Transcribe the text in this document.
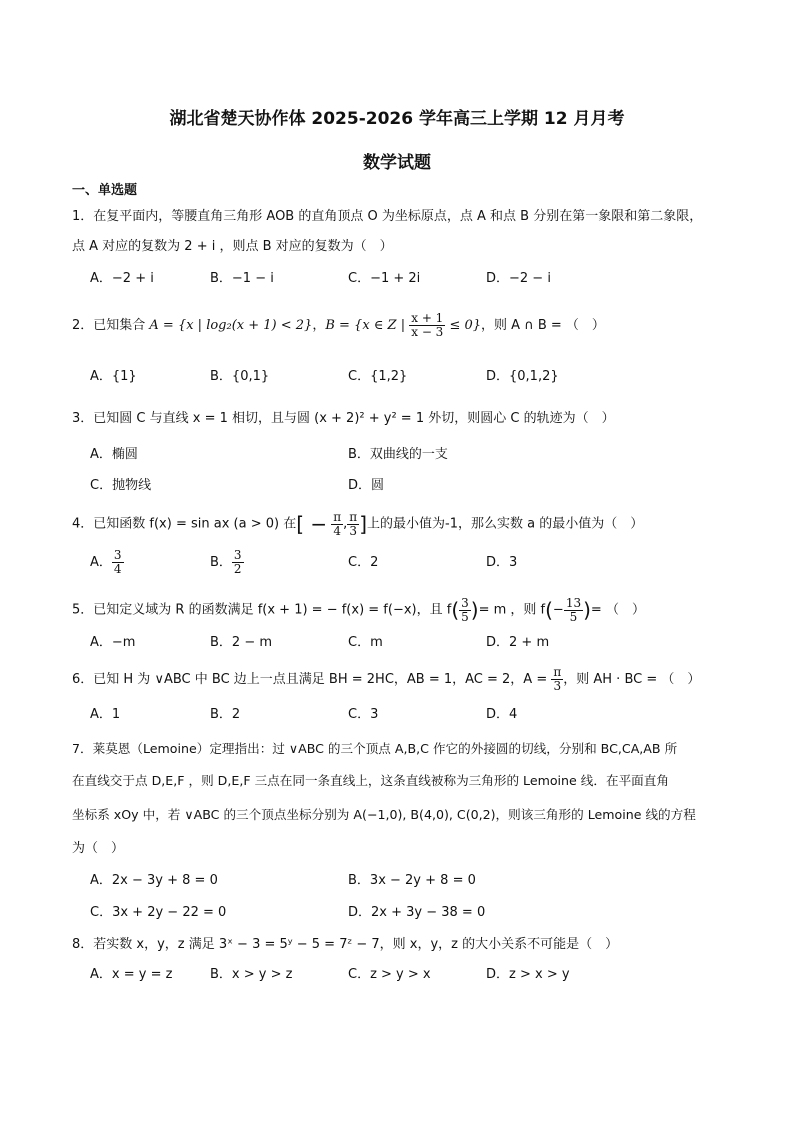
湖北省楚天协作体 2025-2026 学年高三上学期 12 月月考
数学试题
一、单选题
1．在复平面内，等腰直角三角形 AOB 的直角顶点 O 为坐标原点，点 A 和点 B 分别在第一象限和第二象限，
点 A 对应的复数为 2 + i ，则点 B 对应的复数为（　）
A．−2 + i	B．−1 − i	C．−1 + 2i	D．−2 − i
2．已知集合 A = {x | log₂(x + 1) < 2}，B = {x ∈ Z | $\frac{x + 1}{x - 3} \le 0$}，则 A ∩ B = （　）
A．{1}	B．{0,1}	C．{1,2}	D．{0,1,2}
3．已知圆 C 与直线 x = 1 相切，且与圆 (x + 2)² + y² = 1 外切，则圆心 C 的轨迹为（　）
A．椭圆	B．双曲线的一支
C．抛物线	D．圆
4．已知函数 f(x) = sin ax (a > 0) 在[ − $\frac{\pi}{4}$ , $\frac{\pi}{3}$ ]上的最小值为-1，那么实数 a 的最小值为（　）
A． $\frac{3}{4}$	B． $\frac{3}{2}$	C．2	D．3
5．已知定义域为 R 的函数满足 f(x + 1) = − f(x) = f(−x)，且 $f( \frac{3}{5}$ )= m ，则 $f(- \frac{13}{5}$ )= （　）
A．−m	B．2 − m	C．m	D．2 + m
6．已知 H 为 ∨ABC 中 BC 边上一点且满足 BH = 2HC，AB = 1，AC = 2，$A = \frac{\pi}{3}$ ，则 AH · BC = （　）
A．1	B．2	C．3	D．4
7．莱莫恩（Lemoine）定理指出：过 ∨ABC 的三个顶点 A,B,C 作它的外接圆的切线，分别和 BC,CA,AB 所
在直线交于点 D,E,F ，则 D,E,F 三点在同一条直线上，这条直线被称为三角形的 Lemoine 线．在平面直角
坐标系 xOy 中，若 ∨ABC 的三个顶点坐标分别为 A(−1,0), B(4,0), C(0,2)，则该三角形的 Lemoine 线的方程
为（　）
A．2x − 3y + 8 = 0	B．3x − 2y + 8 = 0
C．3x + 2y − 22 = 0	D．2x + 3y − 38 = 0
8．若实数 x，y，z 满足 3ˣ − 3 = 5ʸ − 5 = 7ᶻ − 7，则 x，y，z 的大小关系不可能是（　）
A．x = y = z	B．x > y > z	C．z > y > x	D．z > x > y
